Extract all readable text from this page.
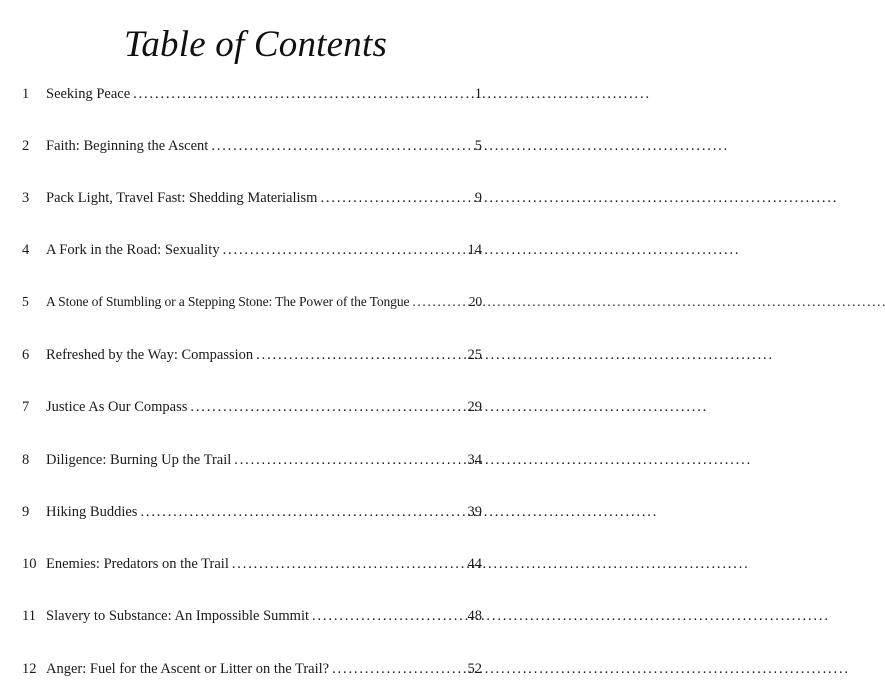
Table of Contents
1	Seeking Peace . . .	1
2	Faith: Beginning the Ascent . . .	5
3	Pack Light, Travel Fast: Shedding Materialism . . .	9
4	A Fork in the Road: Sexuality . . .	14
5	A Stone of Stumbling or a Stepping Stone: The Power of the Tongue . . .	20
6	Refreshed by the Way: Compassion . . .	25
7	Justice As Our Compass . . .	29
8	Diligence: Burning Up the Trail . . .	34
9	Hiking Buddies . . .	39
10 Enemies: Predators on the Trail . . .	44
11 Slavery to Substance: An Impossible Summit . . .	48
12 Anger: Fuel for the Ascent or Litter on the Trail? . . .	52
